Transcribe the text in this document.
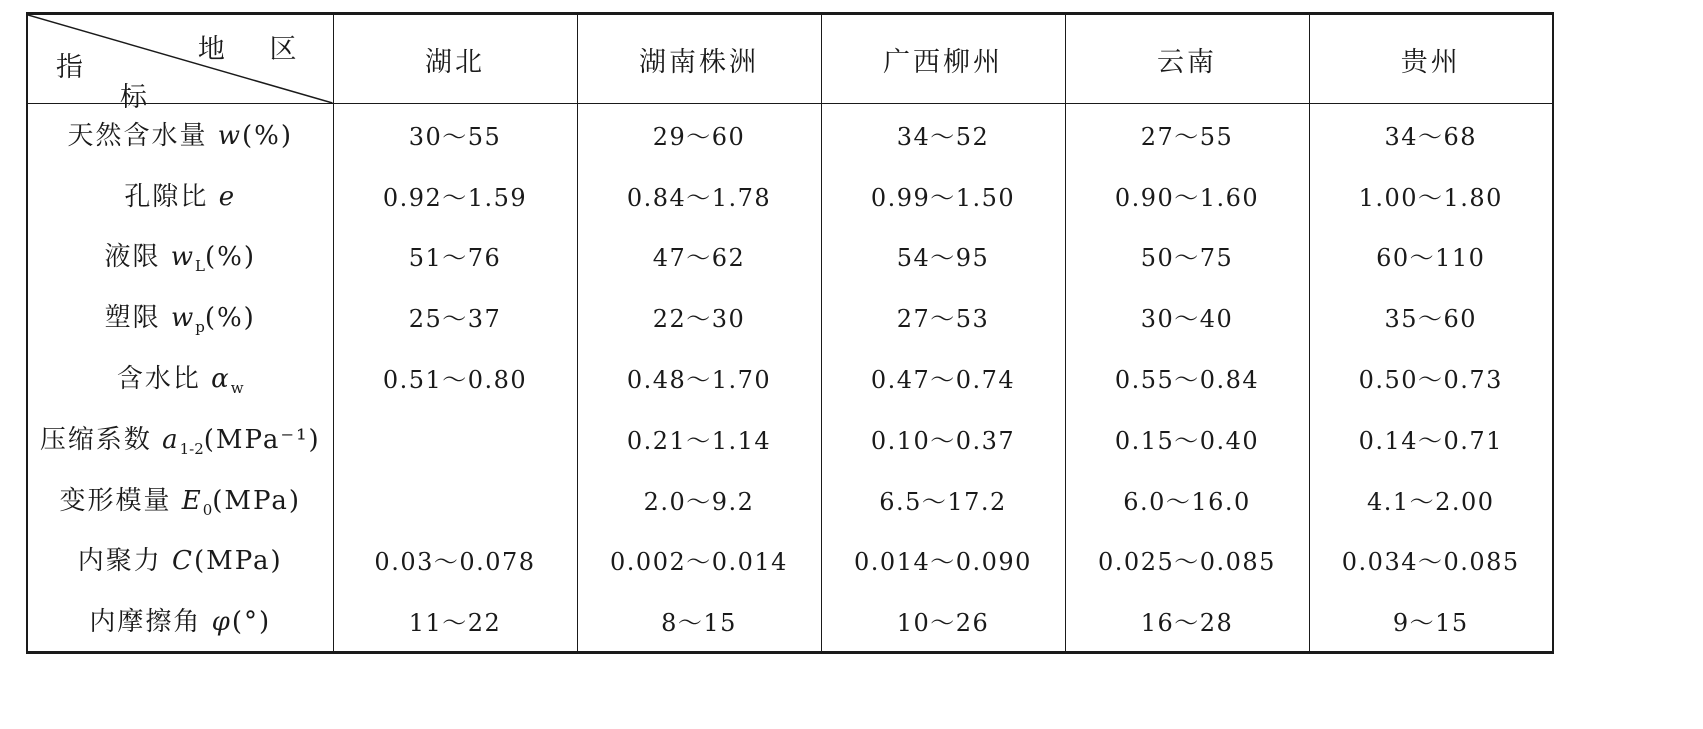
地 区
指
标	湖北	湖南株洲	广西柳州	云南	贵州
天然含水量 w(%)	30～55	29～60	34～52	27～55	34～68
孔隙比 e	0.92～1.59	0.84～1.78	0.99～1.50	0.90～1.60	1.00～1.80
液限 $w_L(\%)$	51～76	47～62	54～95	50～75	60～110
塑限 $w_p(\%)$	25～37	22～30	27～53	30～40	35～60
含水比 $\alpha_w$	0.51～0.80	0.48～1.70	0.47～0.74	0.55～0.84	0.50～0.73
压缩系数 $a_{1-2}(MPa^{-1})$		0.21～1.14	0.10～0.37	0.15～0.40	0.14～0.71
变形模量 $E_0(MPa)$		2.0～9.2	6.5～17.2	6.0～16.0	4.1～2.00
内聚力 C(MPa)	0.03～0.078	0.002～0.014	0.014～0.090	0.025～0.085	0.034～0.085
内摩擦角 φ(°)	11～22	8～15	10～26	16～28	9～15
